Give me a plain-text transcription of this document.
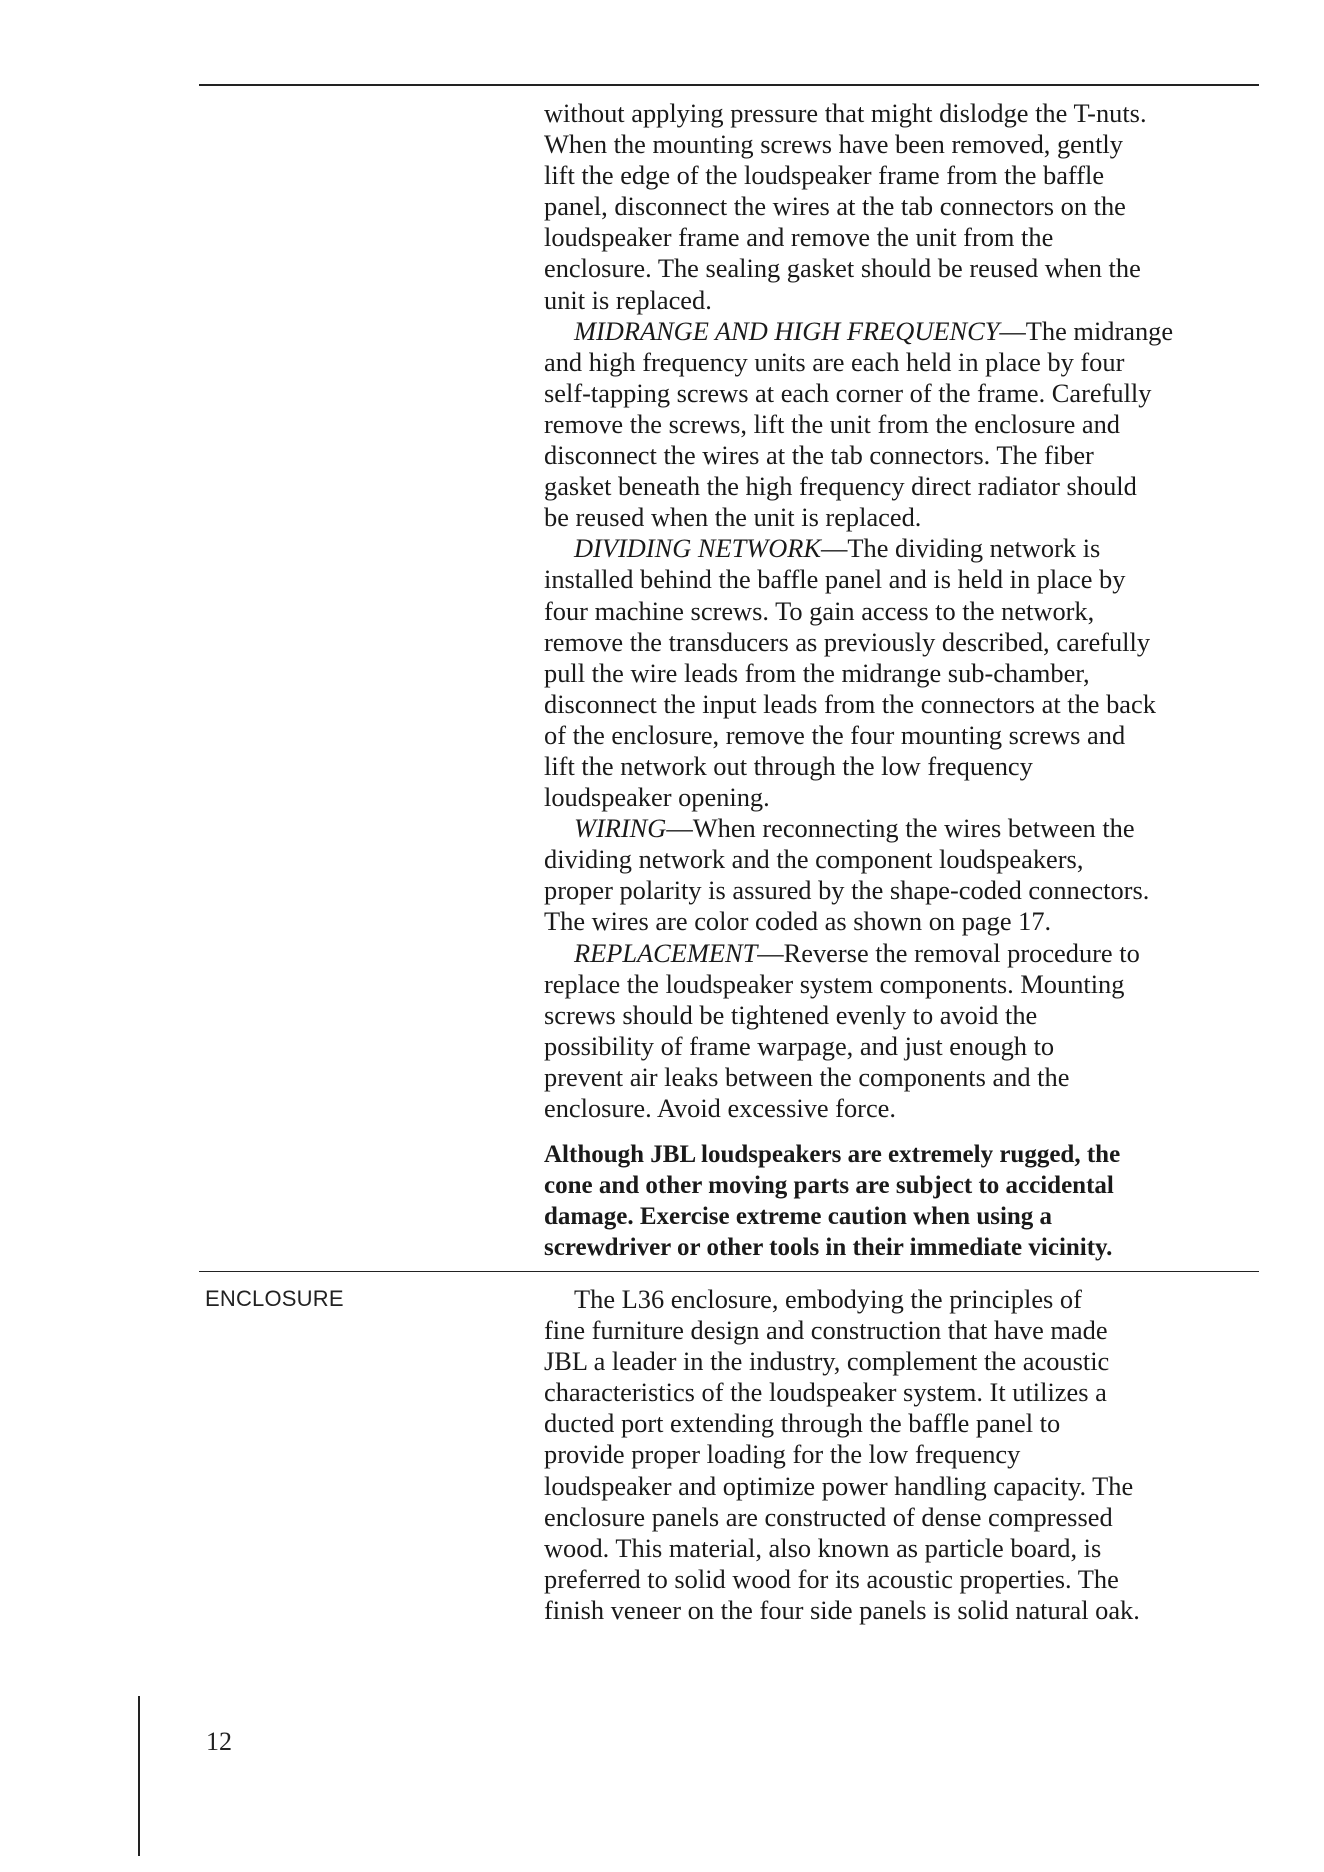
without applying pressure that might dislodge the T-nuts.
When the mounting screws have been removed, gently
lift the edge of the loudspeaker frame from the baffle
panel, disconnect the wires at the tab connectors on the
loudspeaker frame and remove the unit from the
enclosure. The sealing gasket should be reused when the
unit is replaced.
MIDRANGE AND HIGH FREQUENCY—The midrange
and high frequency units are each held in place by four
self-tapping screws at each corner of the frame. Carefully
remove the screws, lift the unit from the enclosure and
disconnect the wires at the tab connectors. The fiber
gasket beneath the high frequency direct radiator should
be reused when the unit is replaced.
DIVIDING NETWORK—The dividing network is
installed behind the baffle panel and is held in place by
four machine screws. To gain access to the network,
remove the transducers as previously described, carefully
pull the wire leads from the midrange sub-chamber,
disconnect the input leads from the connectors at the back
of the enclosure, remove the four mounting screws and
lift the network out through the low frequency
loudspeaker opening.
WIRING—When reconnecting the wires between the
dividing network and the component loudspeakers,
proper polarity is assured by the shape-coded connectors.
The wires are color coded as shown on page 17.
REPLACEMENT—Reverse the removal procedure to
replace the loudspeaker system components. Mounting
screws should be tightened evenly to avoid the
possibility of frame warpage, and just enough to
prevent air leaks between the components and the
enclosure. Avoid excessive force.
Although JBL loudspeakers are extremely rugged, the
cone and other moving parts are subject to accidental
damage. Exercise extreme caution when using a
screwdriver or other tools in their immediate vicinity.
ENCLOSURE	The L36 enclosure, embodying the principles of
fine furniture design and construction that have made
JBL a leader in the industry, complement the acoustic
characteristics of the loudspeaker system. It utilizes a
ducted port extending through the baffle panel to
provide proper loading for the low frequency
loudspeaker and optimize power handling capacity. The
enclosure panels are constructed of dense compressed
wood. This material, also known as particle board, is
preferred to solid wood for its acoustic properties. The
finish veneer on the four side panels is solid natural oak.
12
